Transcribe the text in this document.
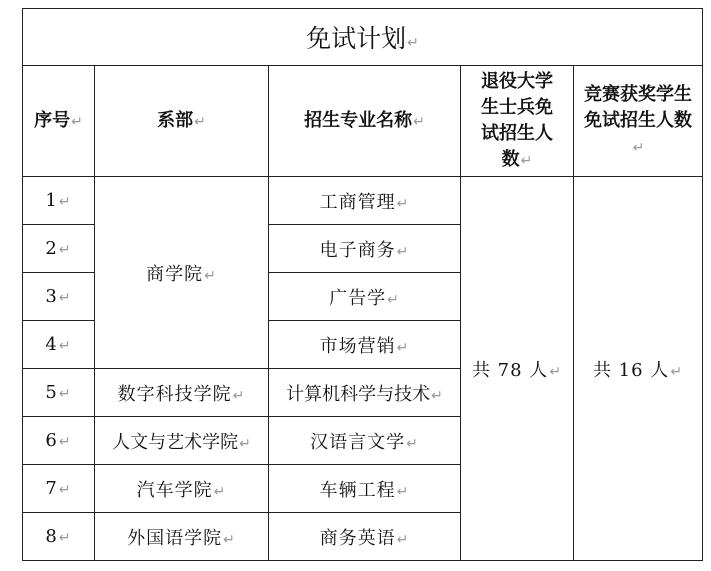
免试计划↵				
序号↵	系部↵	招生专业名称↵	退役大学生士兵免试招生人数↵	竞赛获奖学生免试招生人数↵
1↵	商学院↵	工商管理↵	共 78 人↵	共 16 人↵
2↵		电子商务↵		
3↵		广告学↵		
4↵		市场营销↵		
5↵	数字科技学院↵	计算机科学与技术↵		
6↵	人文与艺术学院↵	汉语言文学↵		
7↵	汽车学院↵	车辆工程↵		
8↵	外国语学院↵	商务英语↵		
